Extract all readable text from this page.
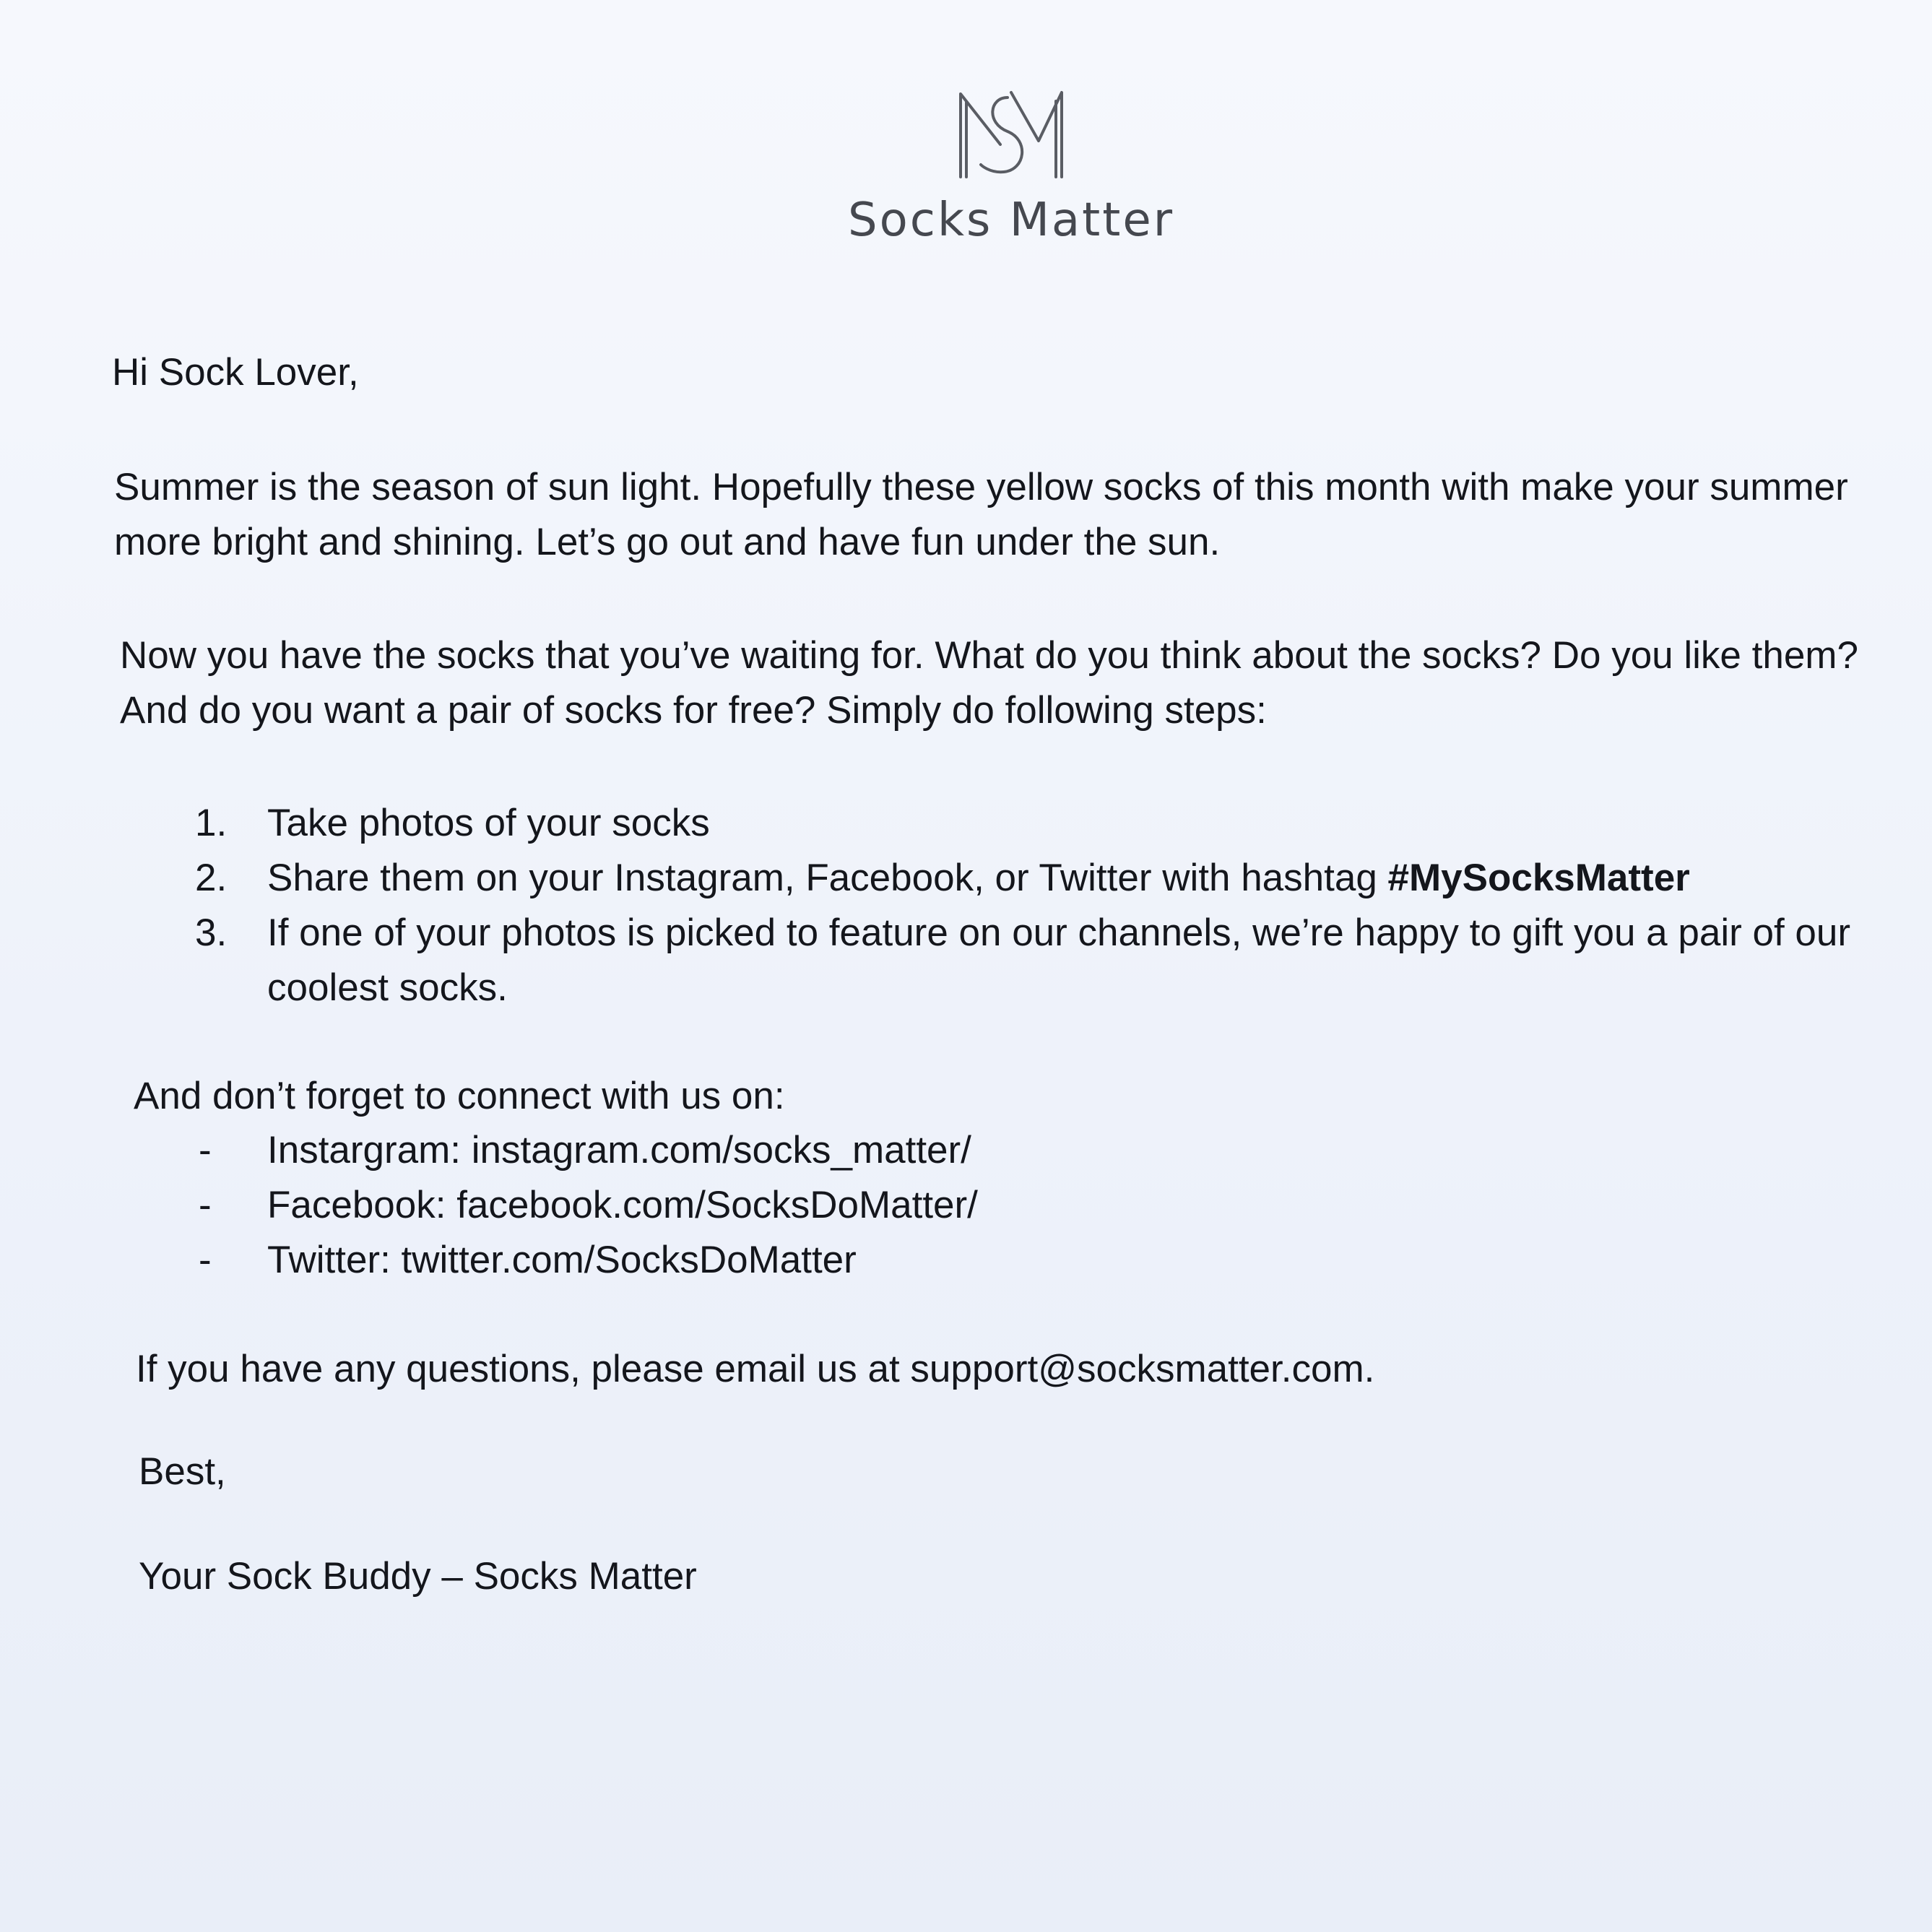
Socks Matter
Hi Sock Lover,
Summer is the season of sun light. Hopefully these yellow socks of this month with make your summer more bright and shining. Let’s go out and have fun under the sun.
Now you have the socks that you’ve waiting for. What do you think about the socks? Do you like them? And do you want a pair of socks for free? Simply do following steps:
1. Take photos of your socks
2. Share them on your Instagram, Facebook, or Twitter with hashtag #MySocksMatter
3. If one of your photos is picked to feature on our channels, we’re happy to gift you a pair of our coolest socks.
And don’t forget to connect with us on:
- Instargram: instagram.com/socks_matter/
- Facebook: facebook.com/SocksDoMatter/
- Twitter: twitter.com/SocksDoMatter
If you have any questions, please email us at support@socksmatter.com.
Best,
Your Sock Buddy – Socks Matter
